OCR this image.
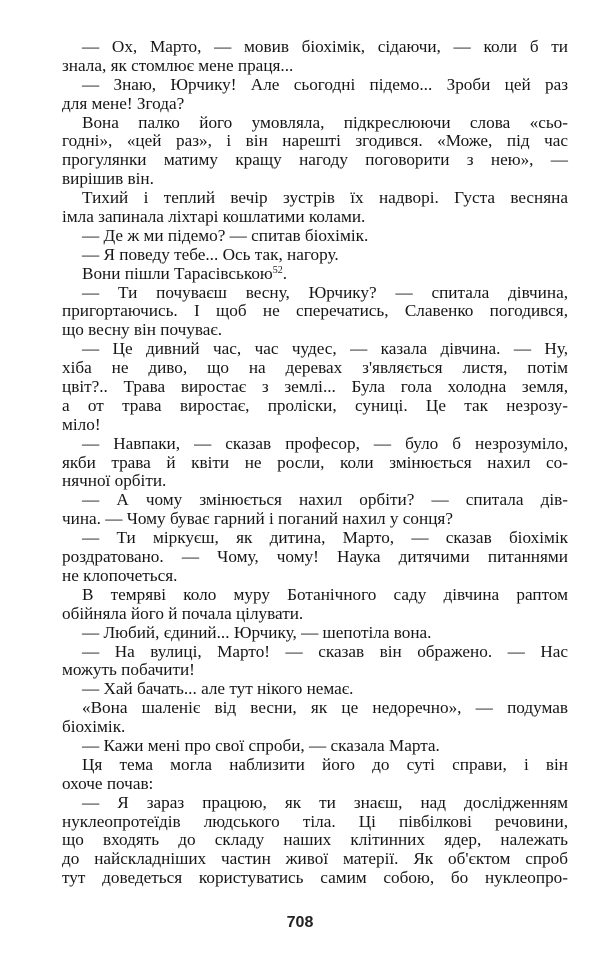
— Ох, Марто, — мовив біохімік, сідаючи, — коли б ти
знала, як стомлює мене праця...
— Знаю, Юрчику! Але сьогодні підемо... Зроби цей раз
для мене! Згода?
Вона палко його умовляла, підкреслюючи слова «сьо-
годні», «цей раз», і він нарешті згодився. «Може, під час
прогулянки матиму кращу нагоду поговорити з нею», —
вирішив він.
Тихий і теплий вечір зустрів їх надворі. Густа весняна
імла запинала ліхтарі кошлатими колами.
— Де ж ми підемо? — спитав біохімік.
— Я поведу тебе... Ось так, нагору.
Вони пішли Тарасівською$^{52}$.
— Ти почуваєш весну, Юрчику? — спитала дівчина,
пригортаючись. І щоб не сперечатись, Славенко погодився,
що весну він почуває.
— Це дивний час, час чудес, — казала дівчина. — Ну,
хіба не диво, що на деревах з'являється листя, потім
цвіт?.. Трава виростає з землі... Була гола холодна земля,
а от трава виростає, проліски, суниці. Це так незрозу-
міло!
— Навпаки, — сказав професор, — було б незрозуміло,
якби трава й квіти не росли, коли змінюється нахил со-
нячної орбіти.
— А чому змінюється нахил орбіти? — спитала дів-
чина. — Чому буває гарний і поганий нахил у сонця?
— Ти міркуєш, як дитина, Марто, — сказав біохімік
роздратовано. — Чому, чому! Наука дитячими питаннями
не клопочеться.
В темряві коло муру Ботанічного саду дівчина раптом
обійняла його й почала цілувати.
— Любий, єдиний... Юрчику, — шепотіла вона.
— На вулиці, Марто! — сказав він ображено. — Нас
можуть побачити!
— Хай бачать... але тут нікого немає.
«Вона шаленіє від весни, як це недоречно», — подумав
біохімік.
— Кажи мені про свої спроби, — сказала Марта.
Ця тема могла наблизити його до суті справи, і він
охоче почав:
— Я зараз працюю, як ти знаєш, над дослідженням
нуклеопротеїдів людського тіла. Ці півбілкові речовини,
що входять до складу наших клітинних ядер, належать
до найскладніших частин живої матерії. Як об'єктом спроб
тут доведеться користуватись самим собою, бо нуклеопро-
708
